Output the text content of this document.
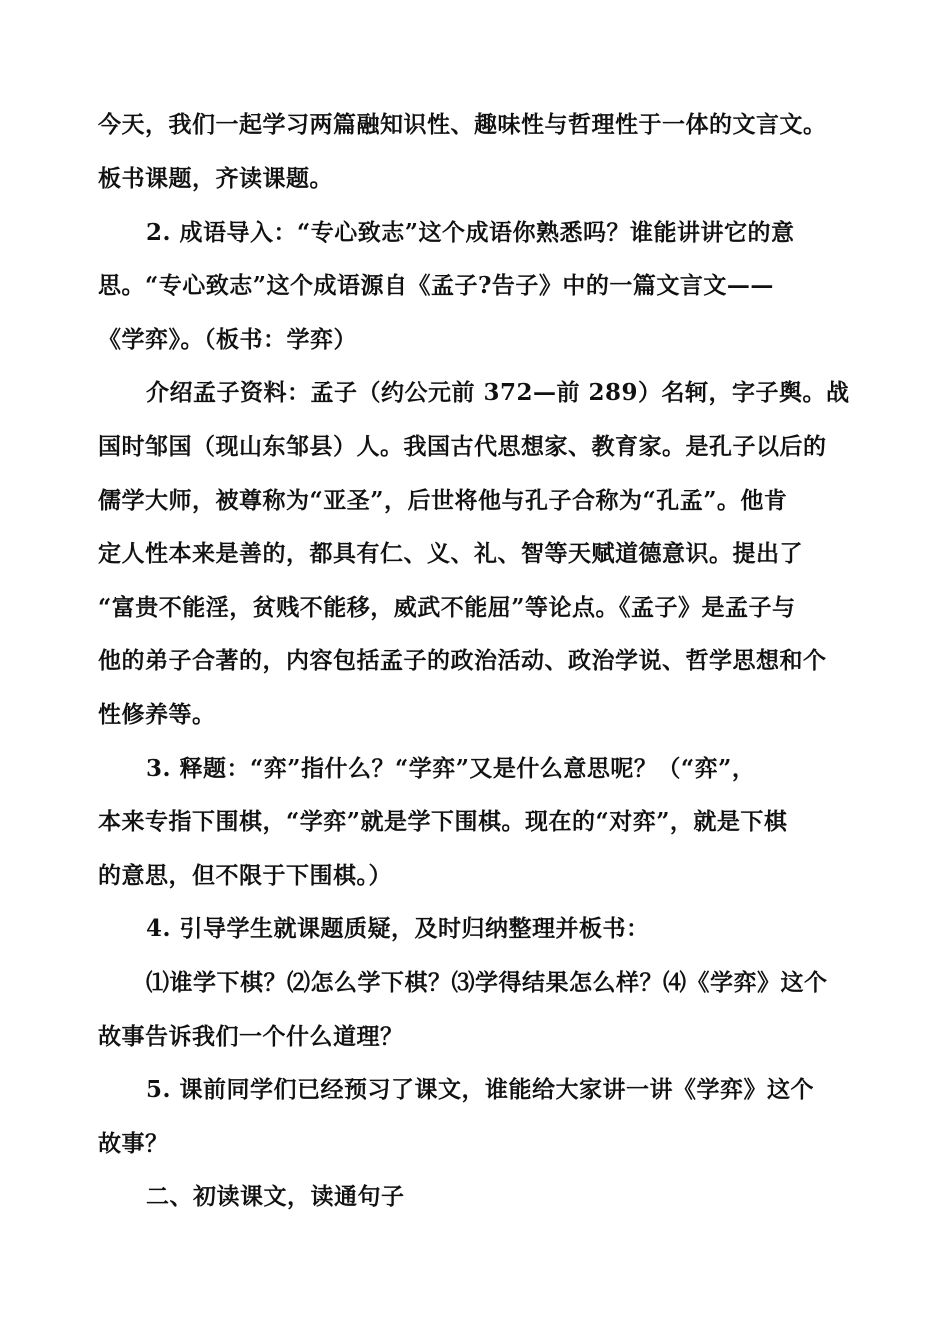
今天，我们一起学习两篇融知识性、趣味性与哲理性于一体的文言文。

板书课题，齐读课题。

2. 成语导入：“专心致志”这个成语你熟悉吗？谁能讲讲它的意

思。“专心致志”这个成语源自《孟子?告子》中的一篇文言文——

《学弈》。（板书：学弈）

介绍孟子资料：孟子（约公元前 372—前 289）名轲，字子舆。战

国时邹国（现山东邹县）人。我国古代思想家、教育家。是孔子以后的

儒学大师，被尊称为“亚圣”，后世将他与孔子合称为“孔孟”。他肯

定人性本来是善的，都具有仁、义、礼、智等天赋道德意识。提出了

“富贵不能淫，贫贱不能移，威武不能屈”等论点。《孟子》是孟子与

他的弟子合著的，内容包括孟子的政治活动、政治学说、哲学思想和个

性修养等。

3. 释题：“弈”指什么？“学弈”又是什么意思呢？（“弈”，

本来专指下围棋，“学弈”就是学下围棋。现在的“对弈”，就是下棋

的意思，但不限于下围棋。）

4. 引导学生就课题质疑，及时归纳整理并板书：

⑴谁学下棋？⑵怎么学下棋？⑶学得结果怎么样？⑷《学弈》这个

故事告诉我们一个什么道理？

5. 课前同学们已经预习了课文，谁能给大家讲一讲《学弈》这个

故事？

二、初读课文，读通句子
